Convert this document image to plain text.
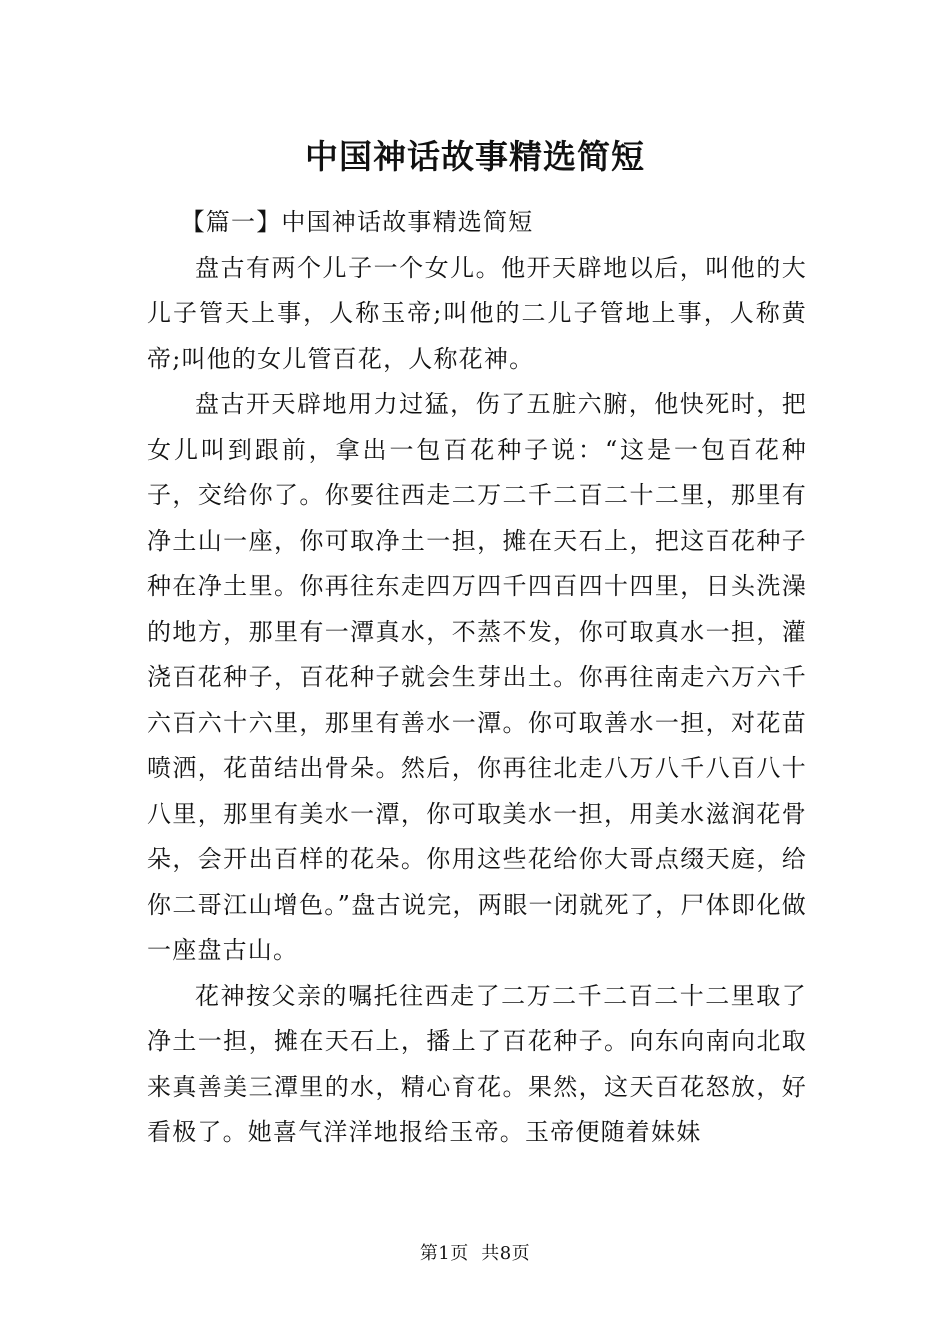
中国神话故事精选简短

【篇一】中国神话故事精选简短

盘古有两个儿子一个女儿。他开天辟地以后，叫他的大儿子管天上事，人称玉帝;叫他的二儿子管地上事，人称黄帝;叫他的女儿管百花，人称花神。

盘古开天辟地用力过猛，伤了五脏六腑，他快死时，把女儿叫到跟前，拿出一包百花种子说：“这是一包百花种子，交给你了。你要往西走二万二千二百二十二里，那里有净土山一座，你可取净土一担，摊在天石上，把这百花种子种在净土里。你再往东走四万四千四百四十四里，日头洗澡的地方，那里有一潭真水，不蒸不发，你可取真水一担，灌浇百花种子，百花种子就会生芽出土。你再往南走六万六千六百六十六里，那里有善水一潭。你可取善水一担，对花苗喷洒，花苗结出骨朵。然后，你再往北走八万八千八百八十八里，那里有美水一潭，你可取美水一担，用美水滋润花骨朵，会开出百样的花朵。你用这些花给你大哥点缀天庭，给你二哥江山增色。”盘古说完，两眼一闭就死了，尸体即化做一座盘古山。

花神按父亲的嘱托往西走了二万二千二百二十二里取了净土一担，摊在天石上，播上了百花种子。向东向南向北取来真善美三潭里的水，精心育花。果然，这天百花怒放，好看极了。她喜气洋洋地报给玉帝。玉帝便随着妹妹

第1页 共8页
